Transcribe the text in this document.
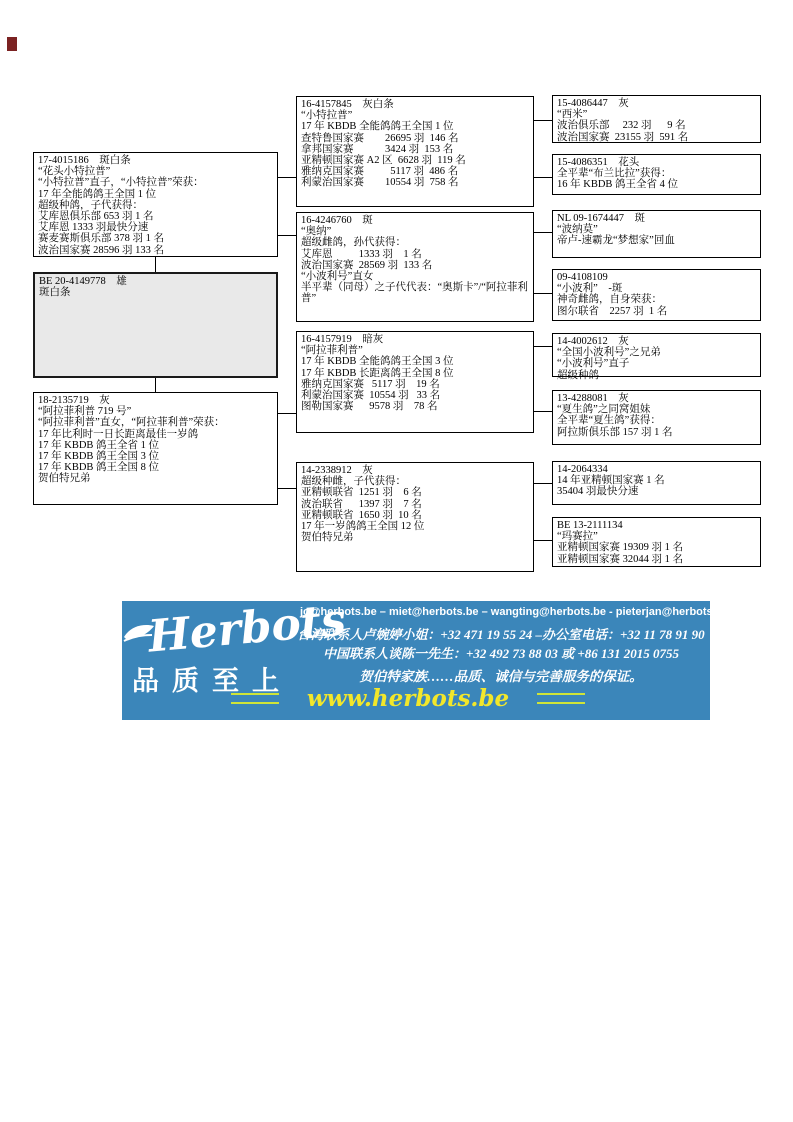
17-4015186    斑白条
“花头小特拉普”
“小特拉普”直子，“小特拉普”荣获：
17 年全能鸽鸽王全国 1 位
超级种鸽，子代获得：
艾库恩俱乐部 653 羽 1 名
艾库恩 1333 羽最快分速
赛麦赛斯俱乐部 378 羽 1 名
波治国家赛 28596 羽 133 名
BE 20-4149778    雄
斑白条
18-2135719    灰
“阿拉菲利普 719 号”
“阿拉菲利普”直女，“阿拉菲利普”荣获：
17 年比利时一日长距离最佳一岁鸽
17 年 KBDB 鸽王全省 1 位
17 年 KBDB 鸽王全国 3 位
17 年 KBDB 鸽王全国 8 位
贺伯特兄弟
16-4157845    灰白条
“小特拉普”
17 年 KBDB 全能鸽鸽王全国 1 位
查特鲁国家赛        26695 羽  146 名
拿邦国家赛            3424 羽  153 名
亚精顿国家赛 A2 区  6628 羽  119 名
雅纳克国家赛          5117 羽  486 名
利蒙治国家赛        10554 羽  758 名
16-4246760    斑
“奥纳”
超级雌鸽，孙代获得：
艾库恩          1333 羽    1 名
波治国家赛  28569 羽  133 名
“小波利号”直女
半平辈（同母）之子代代表：“奥斯卡”/“阿拉菲利普”
16-4157919    暗灰
“阿拉菲利普”
17 年 KBDB 全能鸽鸽王全国 3 位
17 年 KBDB 长距离鸽王全国 8 位
雅纳克国家赛   5117 羽    19 名
利蒙治国家赛  10554 羽   33 名
图勒国家赛      9578 羽    78 名
14-2338912    灰
超级种雌，子代获得：
亚精顿联省  1251 羽    6 名
波治联省      1397 羽    7 名
亚精顿联省  1650 羽  10 名
17 年一岁鸽鸽王全国 12 位
贺伯特兄弟
15-4086447    灰
“西米”
波治俱乐部     232 羽      9 名
波治国家赛  23155 羽  591 名
15-4086351    花头
全平辈“布兰比拉”获得：
16 年 KBDB 鸽王全省 4 位
NL 09-1674447    斑
“波纳莫”
帝卢-速霸龙“梦想家”回血
09-4108109
“小波利”    -斑
神奇雌鸽，自身荣获：
图尔联省    2257 羽  1 名
14-4002612    灰
“全国小波利号”之兄弟
“小波利号”直子
超级种鸽
13-4288081    灰
“夏生鸽”之同窝姐妹
全平辈“夏生鸽”获得：
阿拉斯俱乐部 157 羽 1 名
14-2064334
14 年亚精顿国家赛 1 名
35404 羽最快分速
BE 13-2111134
“玛赛拉”
亚精顿国家赛 19309 羽 1 名
亚精顿国家赛 32044 羽 1 名
Herbots
品质至上
jo@herbots.be – miet@herbots.be – wangting@herbots.be - pieterjan@herbots.be
台湾联系人卢婉婷小姐：+32 471 19 55 24 –办公室电话：+32 11 78 91 90
中国联系人谈陈一先生：+32 492 73 88 03 或 +86 131 2015 0755
贺伯特家族……品质、诚信与完善服务的保证。
www.herbots.be
